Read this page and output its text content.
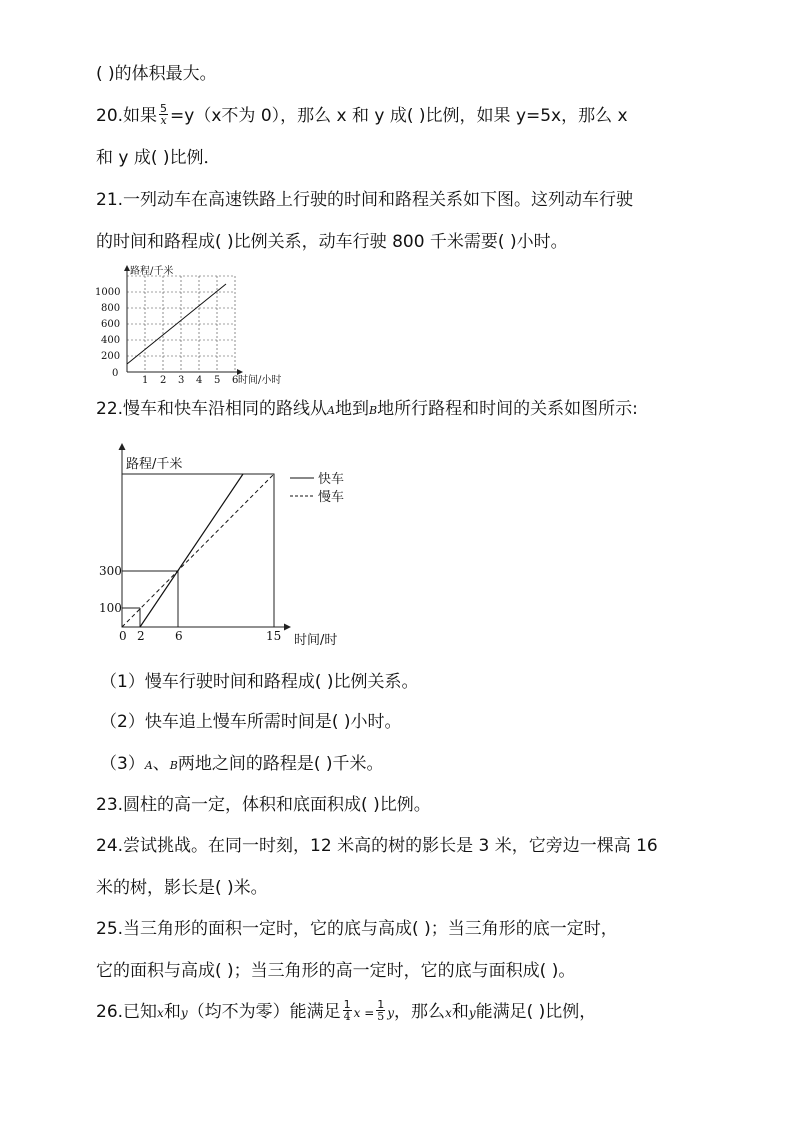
( )的体积最大。
20.如果 $\frac{5}{x} =y(x$不为 0），那么 x 和 y 成( )比例，如果 y=5x，那么 x
和 y 成( )比例．
21.一列动车在高速铁路上行驶的时间和路程关系如下图。这列动车行驶
的时间和路程成( )比例关系，动车行驶 800 千米需要( )小时。
路程/千米
时间/小时
0
1 2 3 4 5 6
200
400
600
800
1000
22.慢车和快车沿相同的路线从A地到B地所行路程和时间的关系如图所示:
快车
慢车
路程/千米
时间/时
0 2	6	15
100
300
（1）慢车行驶时间和路程成( )比例关系。
（2）快车追上慢车所需时间是( )小时。
（3）A、B两地之间的路程是( )千米。
23.圆柱的高一定，体积和底面积成( )比例。
24.尝试挑战。在同一时刻，12 米高的树的影长是 3 米，它旁边一棵高 16
米的树，影长是( )米。
25.当三角形的面积一定时，它的底与高成( )；当三角形的底一定时，
它的面积与高成( )；当三角形的高一定时，它的底与面积成( )。
26.已知x和y（均不为零）能满足 $\frac{1}{4}$ $x = \frac{1}{5}$ y，那么x和y能满足( )比例，
